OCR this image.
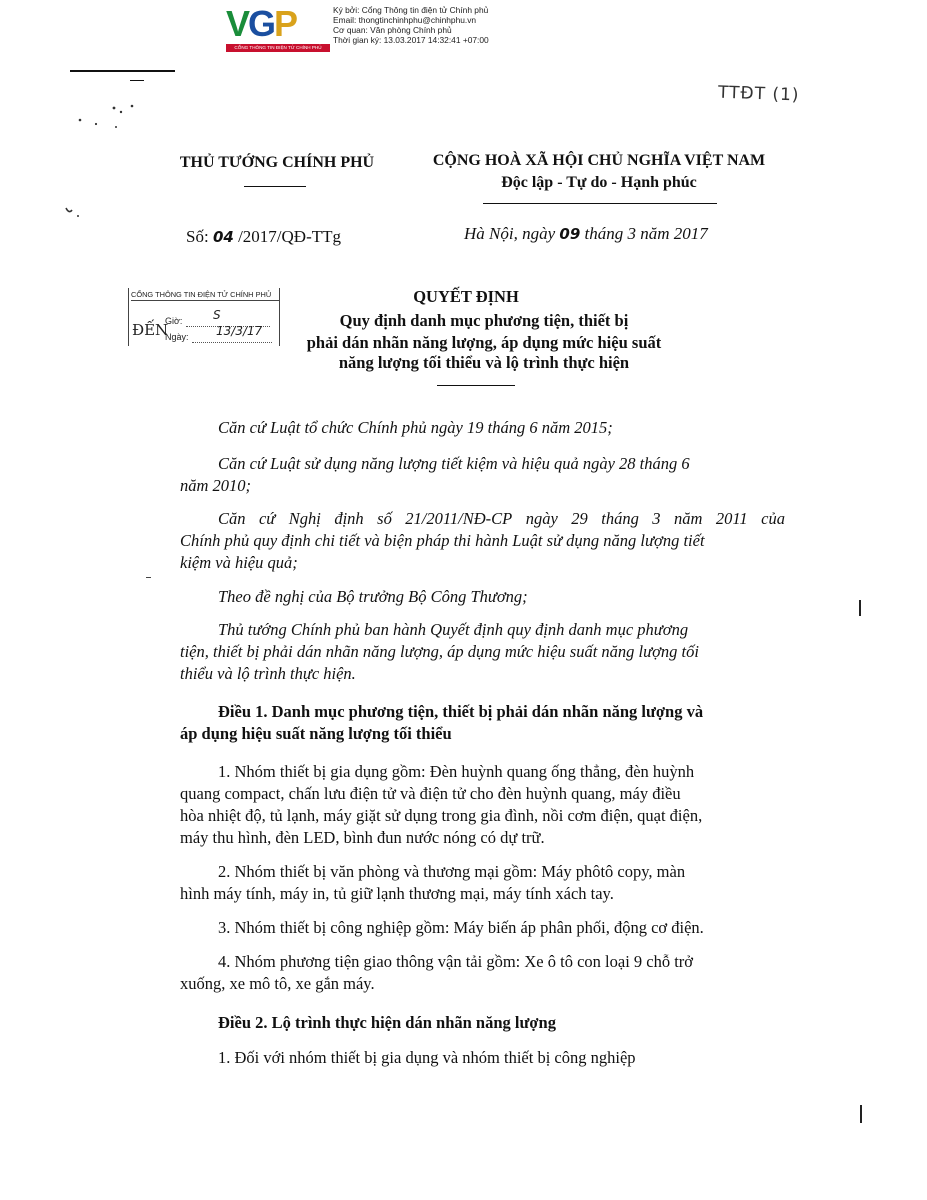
VGP
CỔNG THÔNG TIN ĐIỆN TỬ CHÍNH PHỦ
Ký bởi: Cổng Thông tin điện tử Chính phủ
Email: thongtinchinhphu@chinhphu.vn
Cơ quan: Văn phòng Chính phủ
Thời gian ký: 13.03.2017 14:32:41 +07:00
TTĐT (1)
THỦ TƯỚNG CHÍNH PHỦ	CỘNG HOÀ XÃ HỘI CHỦ NGHĨA VIỆT NAM
Độc lập - Tự do - Hạnh phúc
Số: 04 /2017/QĐ-TTg	Hà Nội, ngày 09 tháng 3 năm 2017
CỔNG THÔNG TIN ĐIỆN TỬ CHÍNH PHỦ
ĐẾN
Giờ:	S
Ngày: 13/3/17
QUYẾT ĐỊNH
Quy định danh mục phương tiện, thiết bị
phải dán nhãn năng lượng, áp dụng mức hiệu suất
năng lượng tối thiểu và lộ trình thực hiện
Căn cứ Luật tổ chức Chính phủ ngày 19 tháng 6 năm 2015;
Căn cứ Luật sử dụng năng lượng tiết kiệm và hiệu quả ngày 28 tháng 6
năm 2010;
Căn cứ Nghị định số 21/2011/NĐ-CP ngày 29 tháng 3 năm 2011 của
Chính phủ quy định chi tiết và biện pháp thi hành Luật sử dụng năng lượng tiết
kiệm và hiệu quả;
Theo đề nghị của Bộ trưởng Bộ Công Thương;
Thủ tướng Chính phủ ban hành Quyết định quy định danh mục phương
tiện, thiết bị phải dán nhãn năng lượng, áp dụng mức hiệu suất năng lượng tối
thiểu và lộ trình thực hiện.
Điều 1. Danh mục phương tiện, thiết bị phải dán nhãn năng lượng và
áp dụng hiệu suất năng lượng tối thiểu
1. Nhóm thiết bị gia dụng gồm: Đèn huỳnh quang ống thẳng, đèn huỳnh
quang compact, chấn lưu điện tử và điện tử cho đèn huỳnh quang, máy điều
hòa nhiệt độ, tủ lạnh, máy giặt sử dụng trong gia đình, nồi cơm điện, quạt điện,
máy thu hình, đèn LED, bình đun nước nóng có dự trữ.
2. Nhóm thiết bị văn phòng và thương mại gồm: Máy phôtô copy, màn
hình máy tính, máy in, tủ giữ lạnh thương mại, máy tính xách tay.
3. Nhóm thiết bị công nghiệp gồm: Máy biến áp phân phối, động cơ điện.
4. Nhóm phương tiện giao thông vận tải gồm: Xe ô tô con loại 9 chỗ trở
xuống, xe mô tô, xe gắn máy.
Điều 2. Lộ trình thực hiện dán nhãn năng lượng
1. Đối với nhóm thiết bị gia dụng và nhóm thiết bị công nghiệp
